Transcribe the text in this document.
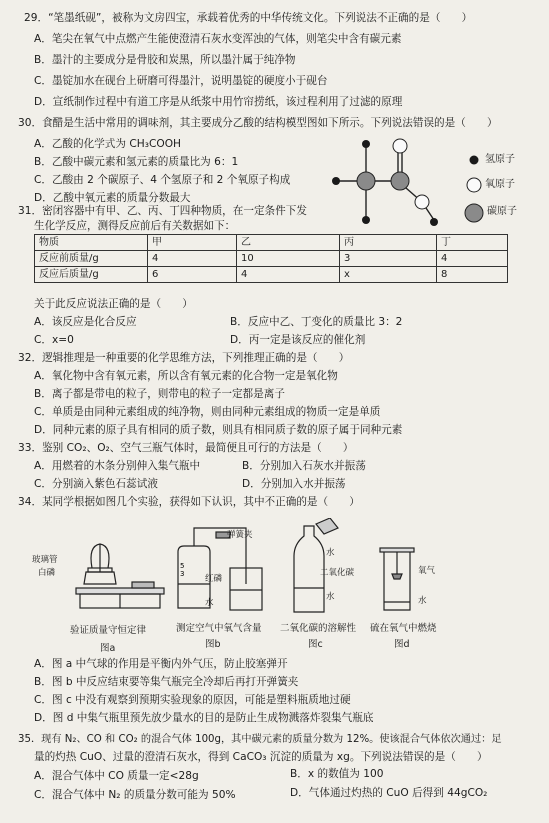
29．“笔墨纸砚”，被称为文房四宝，承载着优秀的中华传统文化。下列说法不正确的是（　　）
A．笔尖在氧气中点燃产生能使澄清石灰水变浑浊的气体，则笔尖中含有碳元素
B．墨汁的主要成分是骨胶和炭黑，所以墨汁属于纯净物
C．墨锭加水在砚台上研磨可得墨汁，说明墨锭的硬度小于砚台
D．宣纸制作过程中有道工序是从纸浆中用竹帘捞纸，该过程利用了过滤的原理
30．食醋是生活中常用的调味剂，其主要成分乙酸的结构模型图如下所示。下列说法错误的是（　　）
A．乙酸的化学式为 CH₃COOH
B．乙酸中碳元素和氢元素的质量比为 6：1
C．乙酸由 2 个碳原子、4 个氢原子和 2 个氧原子构成
D．乙酸中氧元素的质量分数最大
氢原子
氧原子
碳原子
31．密闭容器中有甲、乙、丙、丁四种物质，在一定条件下发
生化学反应，测得反应前后有关数据如下：
物质	甲	乙	丙	丁
反应前质量/g	4	10	3	4
反应后质量/g	6	4	x	8
关于此反应说法正确的是（　　）
A．该反应是化合反应	B．反应中乙、丁变化的质量比 3：2
C．x=0	D．丙一定是该反应的催化剂
32．逻辑推理是一种重要的化学思维方法，下列推理正确的是（　　）
A．氧化物中含有氧元素，所以含有氧元素的化合物一定是氧化物
B．离子都是带电的粒子，则带电的粒子一定都是离子
C．单质是由同种元素组成的纯净物，则由同种元素组成的物质一定是单质
D．同种元素的原子具有相同的质子数，则具有相同质子数的原子属于同种元素
33．鉴别 CO₂、O₂、空气三瓶气体时，最简便且可行的方法是（　　）
A．用燃着的木条分别伸入集气瓶中	B．分别加入石灰水并振荡
C．分别滴入紫色石蕊试液	D．分别加入水并振荡
34．某同学根据如图几个实验，获得如下认识，其中不正确的是（　　）
玻璃管
白磷
验证质量守恒定律
图a
5
3
弹簧夹
红磷
水
测定空气中氧气含量
图b
水
二氧化碳
水
二氧化碳的溶解性
图c
氧气
水
硫在氧气中燃烧
图d
A．图 a 中气球的作用是平衡内外气压，防止胶塞弹开
B．图 b 中反应结束要等集气瓶完全冷却后再打开弹簧夹
C．图 c 中没有观察到预期实验现象的原因，可能是塑料瓶质地过硬
D．图 d 中集气瓶里预先放少量水的目的是防止生成物溅落炸裂集气瓶底
35．现有 N₂、CO 和 CO₂ 的混合气体 100g，其中碳元素的质量分数为 12%。使该混合气体依次通过：足
量的灼热 CuO、过量的澄清石灰水，得到 CaCO₃ 沉淀的质量为 xg。下列说法错误的是（　　）
A．混合气体中 CO 质量一定<28g	B．x 的数值为 100
C．混合气体中 N₂ 的质量分数可能为 50%	D．气体通过灼热的 CuO 后得到 44gCO₂
